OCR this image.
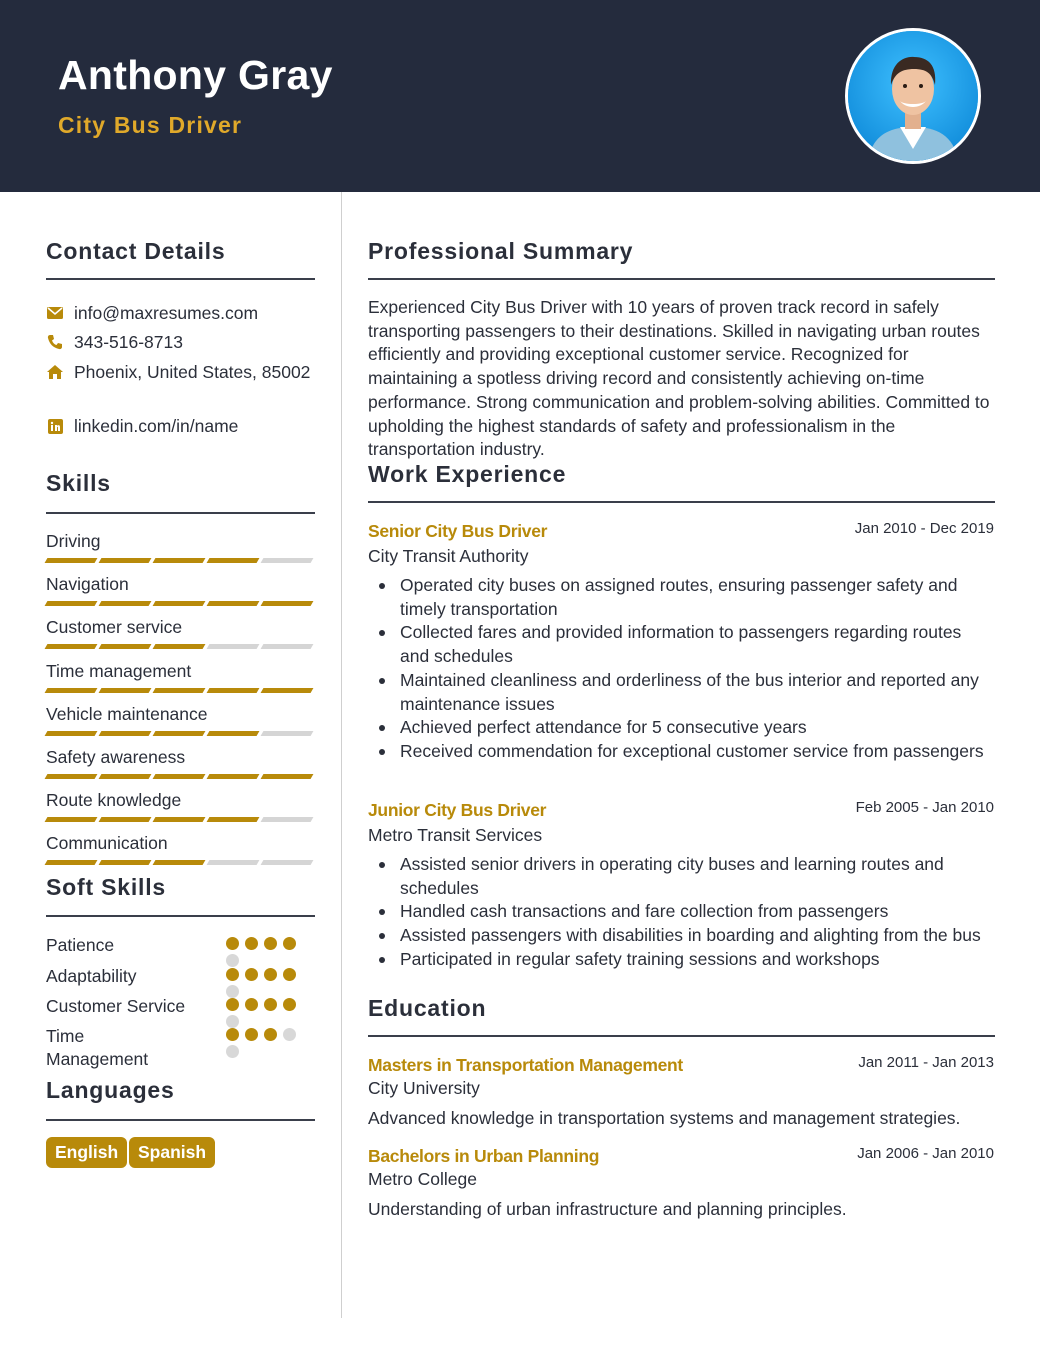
Anthony Gray
City Bus Driver
Contact Details
info@maxresumes.com
343-516-8713
Phoenix, United States, 85002
linkedin.com/in/name
Skills
Driving
Navigation
Customer service
Time management
Vehicle maintenance
Safety awareness
Route knowledge
Communication
Soft Skills
Patience
Adaptability
Customer Service
Time Management
Languages
English	Spanish
Professional Summary
Experienced City Bus Driver with 10 years of proven track record in safely transporting passengers to their destinations. Skilled in navigating urban routes efficiently and providing exceptional customer service. Recognized for maintaining a spotless driving record and consistently achieving on-time performance. Strong communication and problem-solving abilities. Committed to upholding the highest standards of safety and professionalism in the transportation industry.
Work Experience
Senior City Bus Driver	Jan 2010 - Dec 2019
City Transit Authority
Operated city buses on assigned routes, ensuring passenger safety and timely transportation
Collected fares and provided information to passengers regarding routes and schedules
Maintained cleanliness and orderliness of the bus interior and reported any maintenance issues
Achieved perfect attendance for 5 consecutive years
Received commendation for exceptional customer service from passengers
Junior City Bus Driver	Feb 2005 - Jan 2010
Metro Transit Services
Assisted senior drivers in operating city buses and learning routes and schedules
Handled cash transactions and fare collection from passengers
Assisted passengers with disabilities in boarding and alighting from the bus
Participated in regular safety training sessions and workshops
Education
Masters in Transportation Management	Jan 2011 - Jan 2013
City University
Advanced knowledge in transportation systems and management strategies.
Bachelors in Urban Planning	Jan 2006 - Jan 2010
Metro College
Understanding of urban infrastructure and planning principles.
